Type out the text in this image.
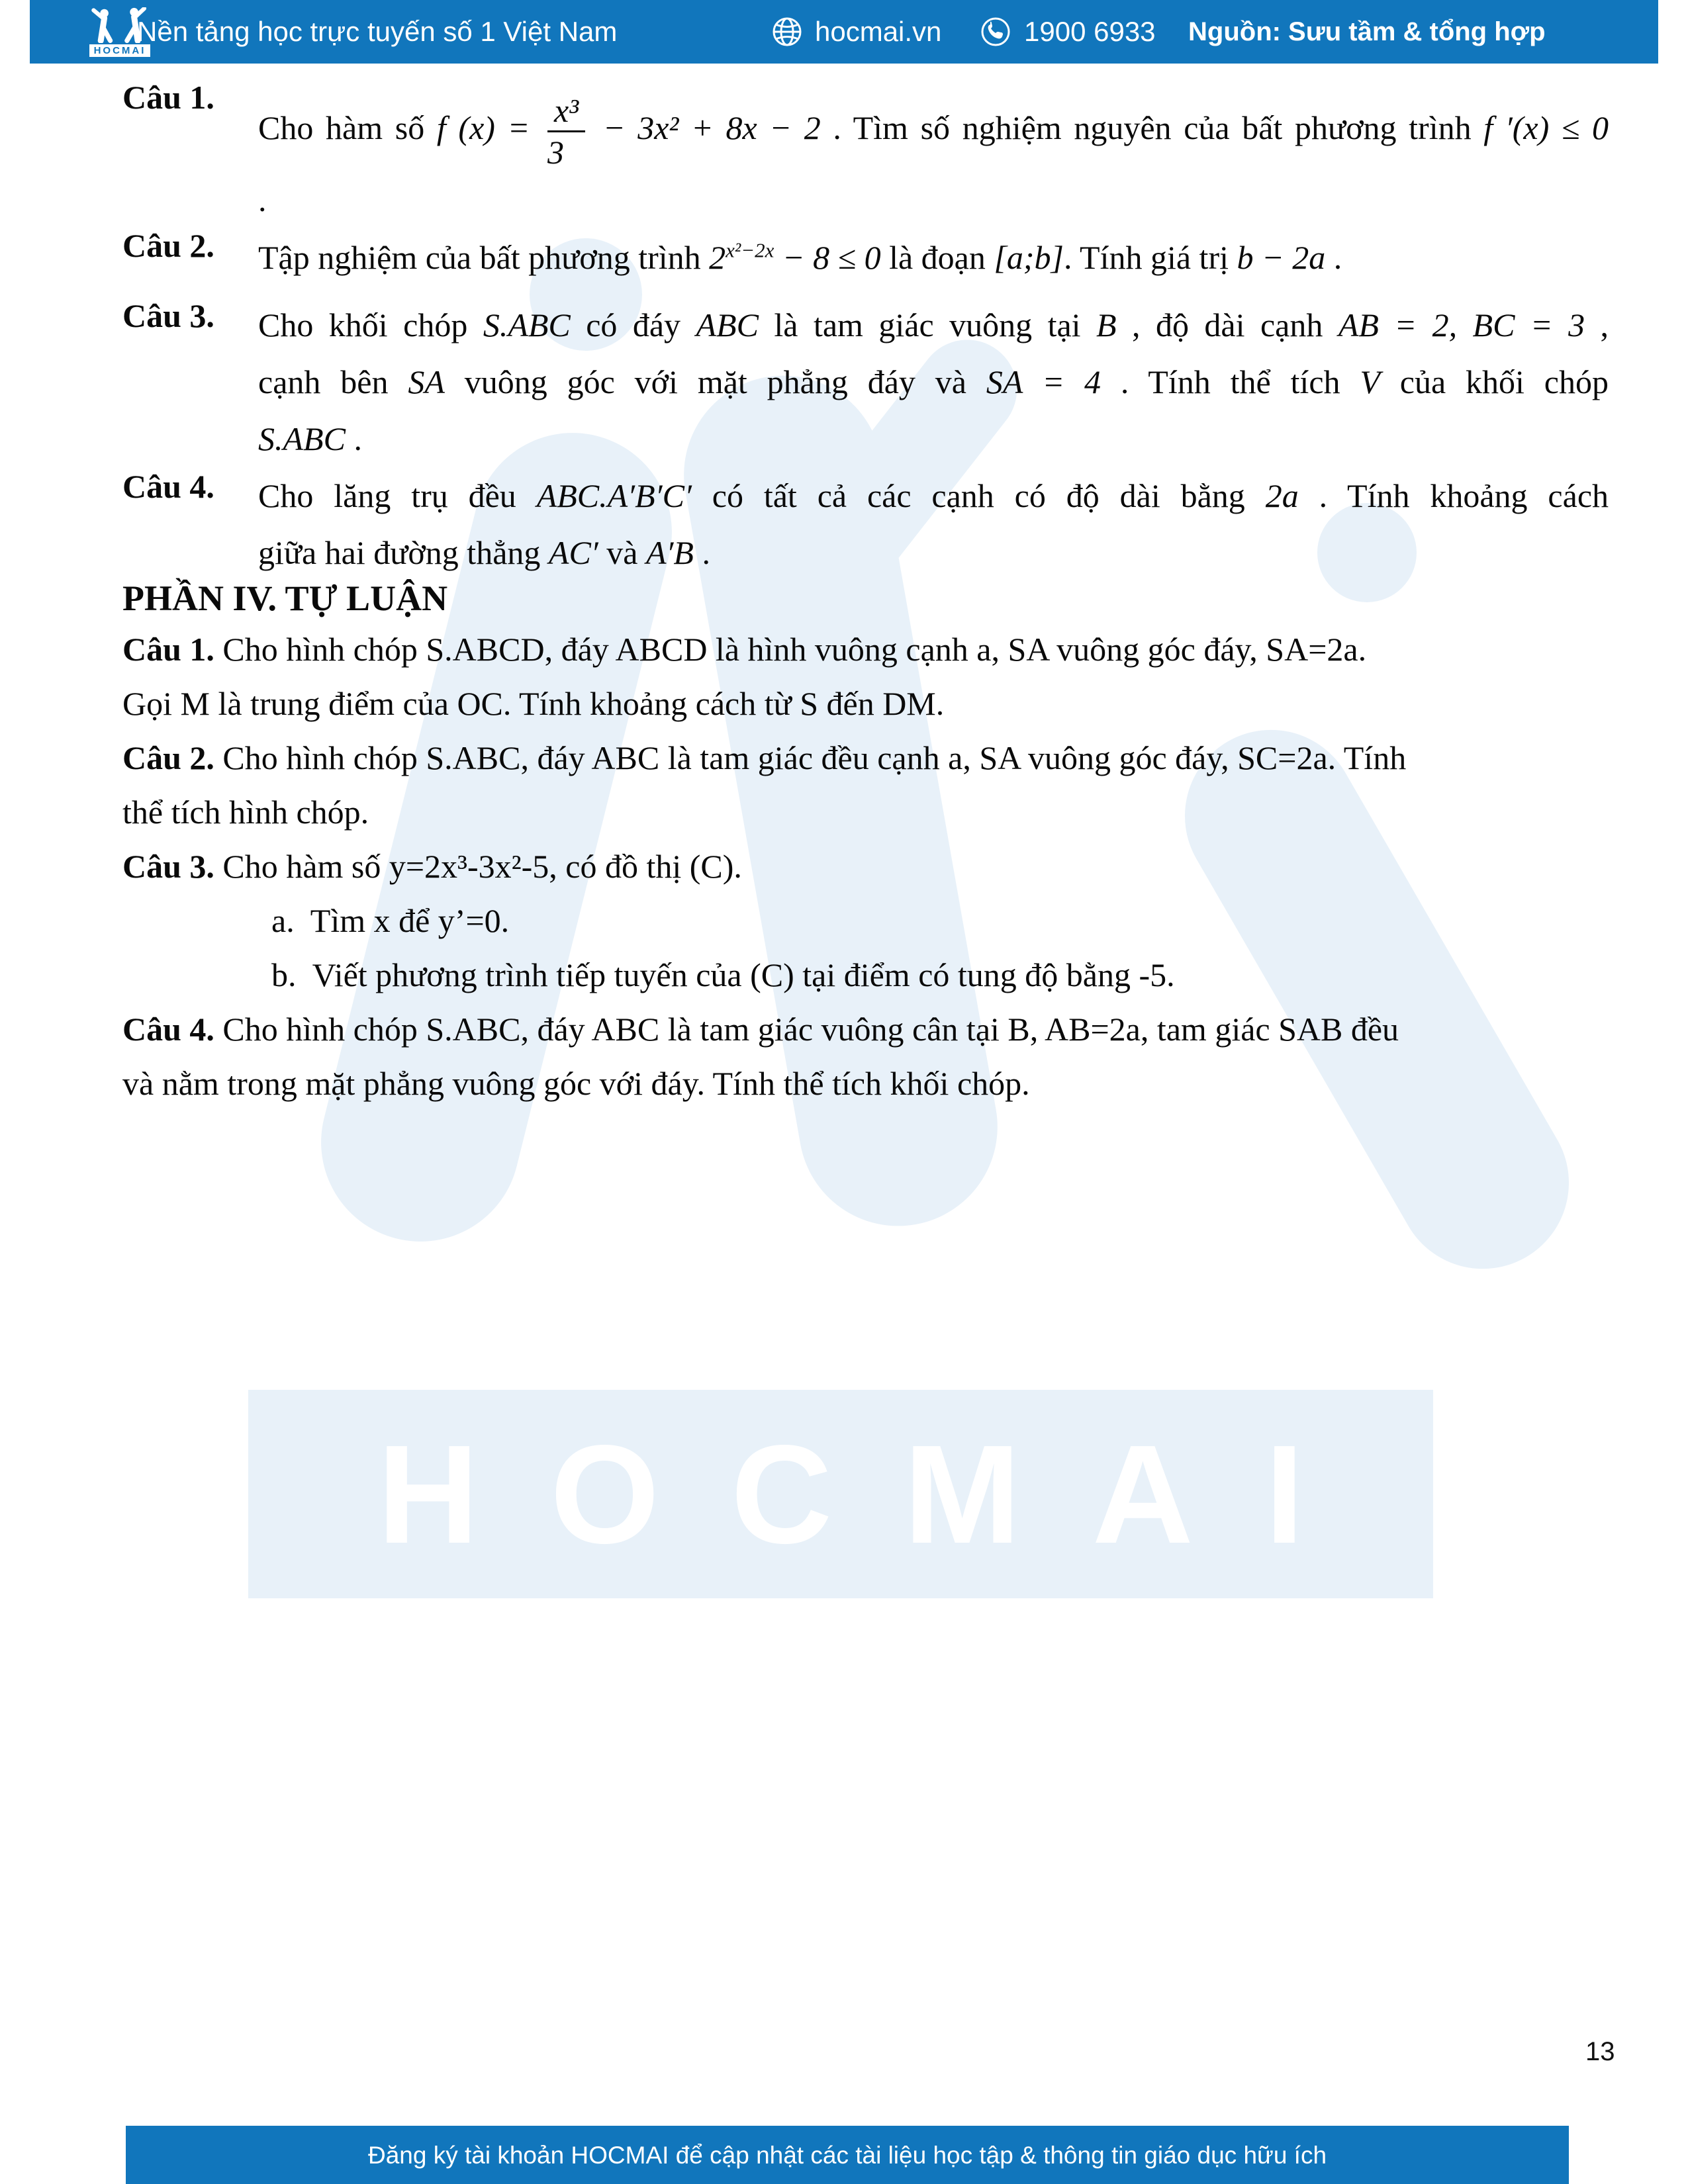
HOCMAI
Nền tảng học trực tuyến số 1 Việt Nam	hocmai.vn	1900 6933 Nguồn: Sưu tầm & tổng hợp
HOCMAI
Câu 1.
Cho hàm số f $(x) = \frac{\text{x³}}{3} - 3x^2 + 8x - 2$ . Tìm số nghiệm nguyên của bất phương trình f ′(x) ≤ 0
.
Câu 2. Tập nghiệm của bất phương trình $2^{x^2-2x} - 8 \le 0$ là đoạn [a;b]. Tính giá trị b − 2a .
Câu 3. Cho khối chóp S.ABC có đáy ABC là tam giác vuông tại B , độ dài cạnh AB = 2, BC = 3 ,
cạnh bên SA vuông góc với mặt phẳng đáy và SA = 4 . Tính thể tích V của khối chóp
S.ABC .
Câu 4. Cho lăng trụ đều ABC.A′B′C′ có tất cả các cạnh có độ dài bằng 2a . Tính khoảng cách
giữa hai đường thẳng AC′ và A′B .
PHẦN IV. TỰ LUẬN
Câu 1. Cho hình chóp S.ABCD, đáy ABCD là hình vuông cạnh a, SA vuông góc đáy, SA=2a.
Gọi M là trung điểm của OC. Tính khoảng cách từ S đến DM.
Câu 2. Cho hình chóp S.ABC, đáy ABC là tam giác đều cạnh a, SA vuông góc đáy, SC=2a. Tính
thể tích hình chóp.
Câu 3. Cho hàm số y=2x³-3x²-5, có đồ thị (C).
a.  Tìm x để y’=0.
b.  Viết phương trình tiếp tuyến của (C) tại điểm có tung độ bằng -5.
Câu 4. Cho hình chóp S.ABC, đáy ABC là tam giác vuông cân tại B, AB=2a, tam giác SAB đều
và nằm trong mặt phẳng vuông góc với đáy. Tính thể tích khối chóp.
13
Đăng ký tài khoản HOCMAI để cập nhật các tài liệu học tập & thông tin giáo dục hữu ích
